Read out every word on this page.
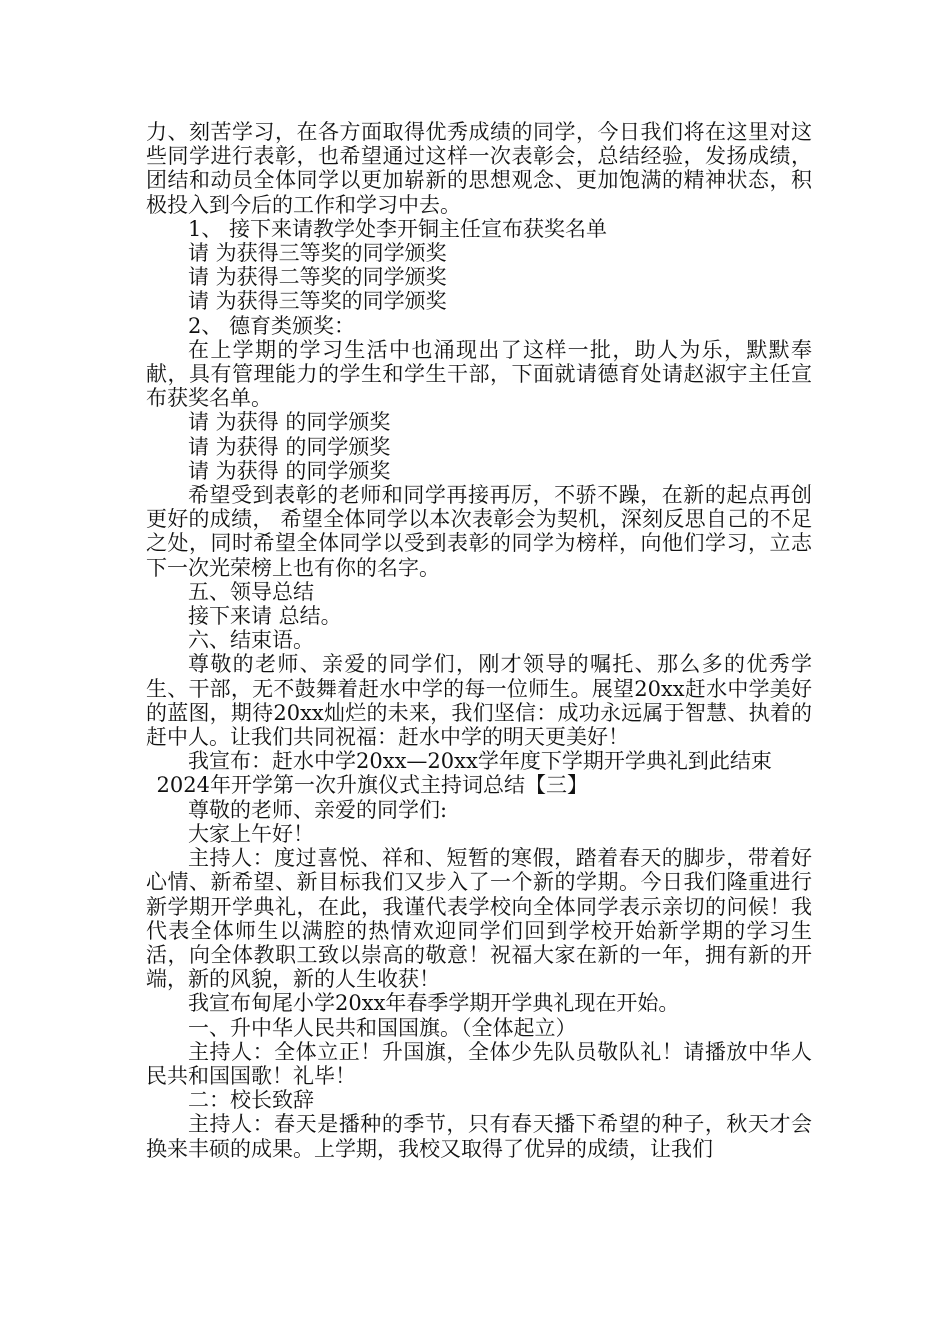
力、刻苦学习，在各方面取得优秀成绩的同学，今日我们将在这里对这些同学进行表彰，也希望通过这样一次表彰会，总结经验，发扬成绩，团结和动员全体同学以更加崭新的思想观念、更加饱满的精神状态，积极投入到今后的工作和学习中去。

1、 接下来请教学处李开铜主任宣布获奖名单

请 为获得三等奖的同学颁奖

请 为获得二等奖的同学颁奖

请 为获得三等奖的同学颁奖

2、 德育类颁奖：

在上学期的学习生活中也涌现出了这样一批，助人为乐，默默奉献，具有管理能力的学生和学生干部，下面就请德育处请赵淑宇主任宣布获奖名单。

请 为获得 的同学颁奖

请 为获得 的同学颁奖

请 为获得 的同学颁奖

希望受到表彰的老师和同学再接再厉，不骄不躁，在新的起点再创更好的成绩， 希望全体同学以本次表彰会为契机，深刻反思自己的不足之处，同时希望全体同学以受到表彰的同学为榜样，向他们学习，立志下一次光荣榜上也有你的名字。

五、领导总结

接下来请 总结。

六、结束语。

尊敬的老师、亲爱的同学们，刚才领导的嘱托、那么多的优秀学生、干部，无不鼓舞着赶水中学的每一位师生。展望20xx赶水中学美好的蓝图，期待20xx灿烂的未来，我们坚信：成功永远属于智慧、执着的赶中人。让我们共同祝福：赶水中学的明天更美好！

我宣布：赶水中学20xx—20xx学年度下学期开学典礼到此结束

2024年开学第一次升旗仪式主持词总结【三】

尊敬的老师、亲爱的同学们:

大家上午好！

主持人：度过喜悦、祥和、短暂的寒假，踏着春天的脚步，带着好心情、新希望、新目标我们又步入了一个新的学期。今日我们隆重进行新学期开学典礼，在此，我谨代表学校向全体同学表示亲切的问候！我代表全体师生以满腔的热情欢迎同学们回到学校开始新学期的学习生活，向全体教职工致以崇高的敬意！祝福大家在新的一年，拥有新的开端，新的风貌，新的人生收获！

我宣布甸尾小学20xx年春季学期开学典礼现在开始。

一、升中华人民共和国国旗。（全体起立）

主持人：全体立正！升国旗，全体少先队员敬队礼！请播放中华人民共和国国歌！礼毕！

二：校长致辞

主持人：春天是播种的季节，只有春天播下希望的种子，秋天才会换来丰硕的成果。上学期，我校又取得了优异的成绩，让我们
